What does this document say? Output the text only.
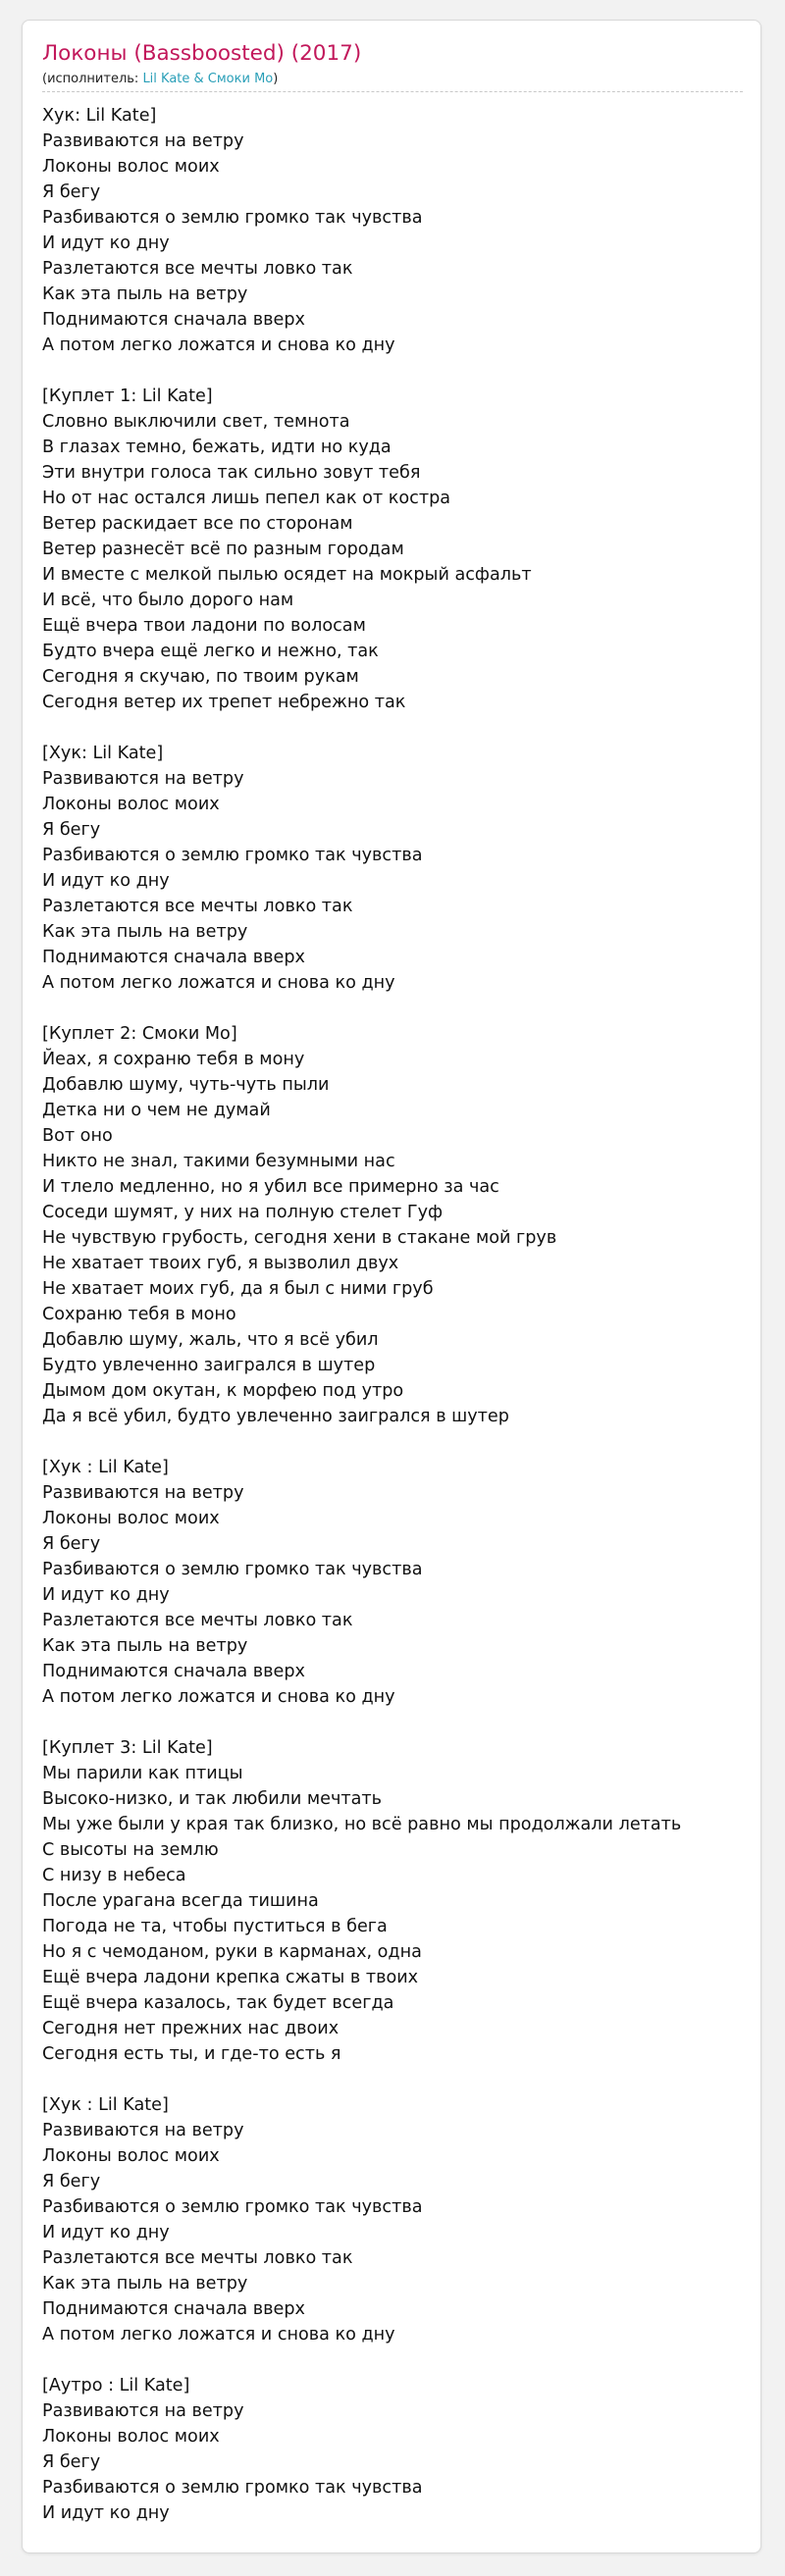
Локоны (Bassboosted) (2017)
(исполнитель: Lil Kate & Смоки Мо)
Хук: Lil Kate]
Развиваются на ветру
Локоны волос моих
Я бегу
Разбиваются о землю громко так чувства
И идут ко дну
Разлетаются все мечты ловко так
Как эта пыль на ветру
Поднимаются сначала вверх
А потом легко ложатся и снова ко дну
[Куплет 1: Lil Kate]
Словно выключили свет, темнота
В глазах темно, бежать, идти но куда
Эти внутри голоса так сильно зовут тебя
Но от нас остался лишь пепел как от костра
Ветер раскидает все по сторонам
Ветер разнесёт всё по разным городам
И вместе с мелкой пылью осядет на мокрый асфальт
И всё, что было дорого нам
Ещё вчера твои ладони по волосам
Будто вчера ещё легко и нежно, так
Сегодня я скучаю, по твоим рукам
Сегодня ветер их трепет небрежно так
[Хук: Lil Kate]
Развиваются на ветру
Локоны волос моих
Я бегу
Разбиваются о землю громко так чувства
И идут ко дну
Разлетаются все мечты ловко так
Как эта пыль на ветру
Поднимаются сначала вверх
А потом легко ложатся и снова ко дну
[Куплет 2: Смоки Мо]
Йеах, я сохраню тебя в мону
Добавлю шуму, чуть-чуть пыли
Детка ни о чем не думай
Вот оно
Никто не знал, такими безумными нас
И тлело медленно, но я убил все примерно за час
Соседи шумят, у них на полную стелет Гуф
Не чувствую грубость, сегодня хени в стакане мой грув
Не хватает твоих губ, я вызволил двух
Не хватает моих губ, да я был с ними груб
Сохраню тебя в моно
Добавлю шуму, жаль, что я всё убил
Будто увлеченно заигрался в шутер
Дымом дом окутан, к морфею под утро
Да я всё убил, будто увлеченно заигрался в шутер
[Хук : Lil Kate]
Развиваются на ветру
Локоны волос моих
Я бегу
Разбиваются о землю громко так чувства
И идут ко дну
Разлетаются все мечты ловко так
Как эта пыль на ветру
Поднимаются сначала вверх
А потом легко ложатся и снова ко дну
[Куплет 3: Lil Kate]
Мы парили как птицы
Высоко-низко, и так любили мечтать
Мы уже были у края так близко, но всё равно мы продолжали летать
С высоты на землю
С низу в небеса
После урагана всегда тишина
Погода не та, чтобы пуститься в бега
Но я с чемоданом, руки в карманах, одна
Ещё вчера ладони крепка сжаты в твоих
Ещё вчера казалось, так будет всегда
Сегодня нет прежних нас двоих
Сегодня есть ты, и где-то есть я
[Хук : Lil Kate]
Развиваются на ветру
Локоны волос моих
Я бегу
Разбиваются о землю громко так чувства
И идут ко дну
Разлетаются все мечты ловко так
Как эта пыль на ветру
Поднимаются сначала вверх
А потом легко ложатся и снова ко дну
[Аутро : Lil Kate]
Развиваются на ветру
Локоны волос моих
Я бегу
Разбиваются о землю громко так чувства
И идут ко дну
